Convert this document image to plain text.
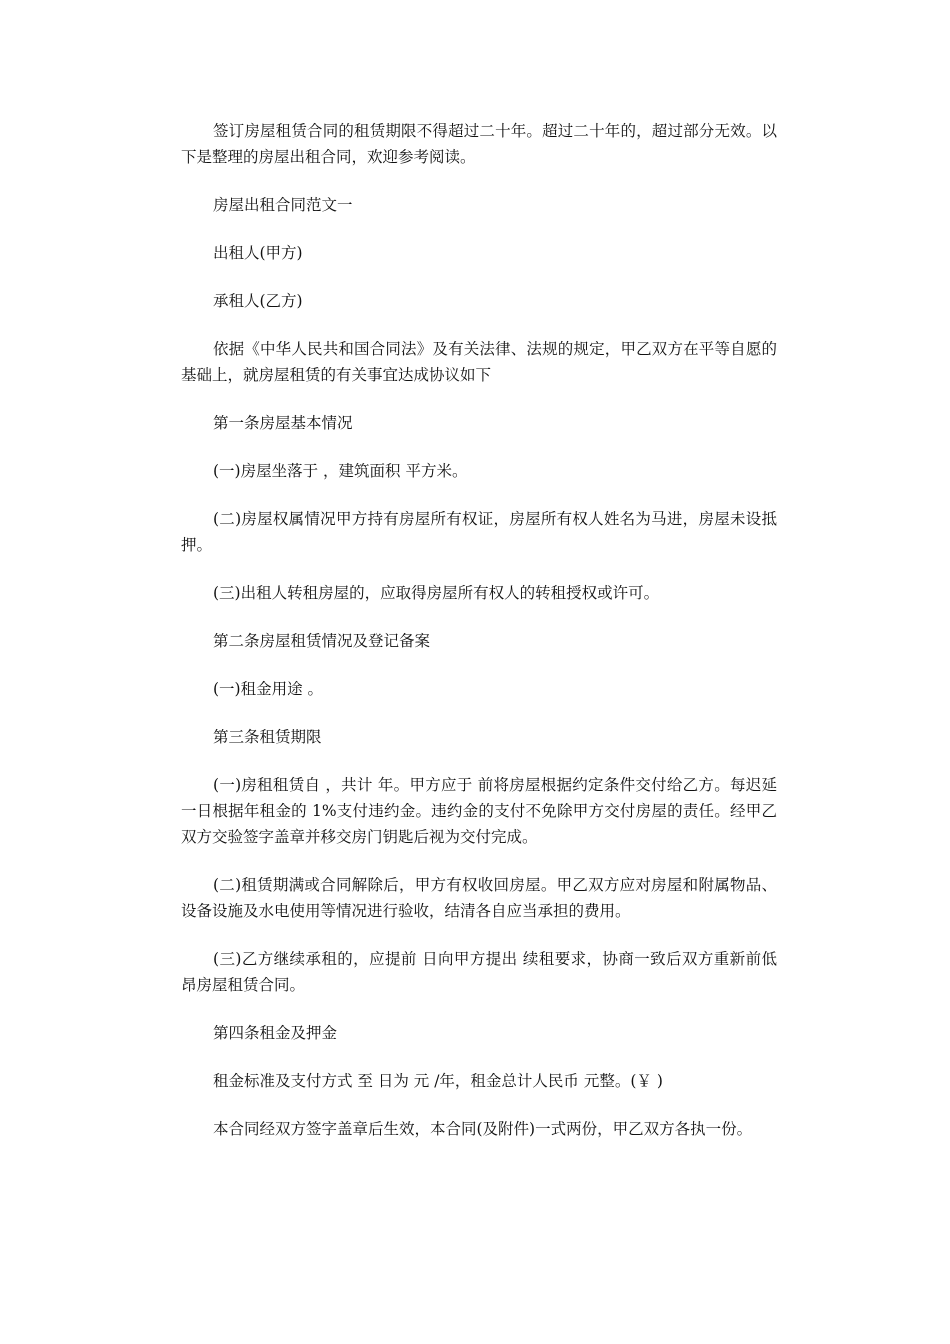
签订房屋租赁合同的租赁期限不得超过二十年。超过二十年的，超过部分无效。以下是整理的房屋出租合同，欢迎参考阅读。

房屋出租合同范文一

出租人(甲方)

承租人(乙方)

依据《中华人民共和国合同法》及有关法律、法规的规定，甲乙双方在平等自愿的基础上，就房屋租赁的有关事宜达成协议如下

第一条房屋基本情况

(一)房屋坐落于 ，建筑面积 平方米。

(二)房屋权属情况甲方持有房屋所有权证，房屋所有权人姓名为马进，房屋未设抵押。

(三)出租人转租房屋的，应取得房屋所有权人的转租授权或许可。

第二条房屋租赁情况及登记备案

(一)租金用途 。

第三条租赁期限

(一)房租租赁自 ，共计 年。甲方应于 前将房屋根据约定条件交付给乙方。每迟延一日根据年租金的 1%支付违约金。违约金的支付不免除甲方交付房屋的责任。经甲乙双方交验签字盖章并移交房门钥匙后视为交付完成。

(二)租赁期满或合同解除后，甲方有权收回房屋。甲乙双方应对房屋和附属物品、设备设施及水电使用等情况进行验收，结清各自应当承担的费用。

(三)乙方继续承租的，应提前 日向甲方提出 续租要求，协商一致后双方重新前低昂房屋租赁合同。

第四条租金及押金

租金标准及支付方式 至 日为 元 /年，租金总计人民币 元整。(￥ )

本合同经双方签字盖章后生效，本合同(及附件)一式两份，甲乙双方各执一份。
